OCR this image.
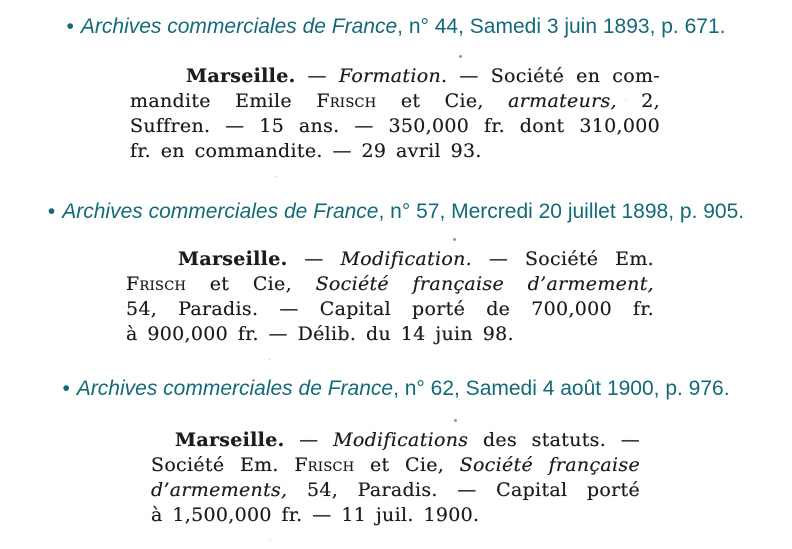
• Archives commerciales de France, n° 44, Samedi 3 juin 1893, p. 671.
Marseille. — Formation. — Société en com-
mandite Emile Frisch et Cie, armateurs, 2,
Suffren. — 15 ans. — 350,000 fr. dont 310,000
fr. en commandite. — 29 avril 93.
• Archives commerciales de France, n° 57, Mercredi 20 juillet 1898, p. 905.
Marseille. — Modification. — Société Em.
Frisch et Cie, Société française d’armement,
54, Paradis. — Capital porté de 700,000 fr.
à 900,000 fr. — Délib. du 14 juin 98.
• Archives commerciales de France, n° 62, Samedi 4 août 1900, p. 976.
Marseille. — Modifications des statuts. —
Société Em. Frisch et Cie, Société française
d’armements, 54, Paradis. — Capital porté
à 1,500,000 fr. — 11 juil. 1900.
